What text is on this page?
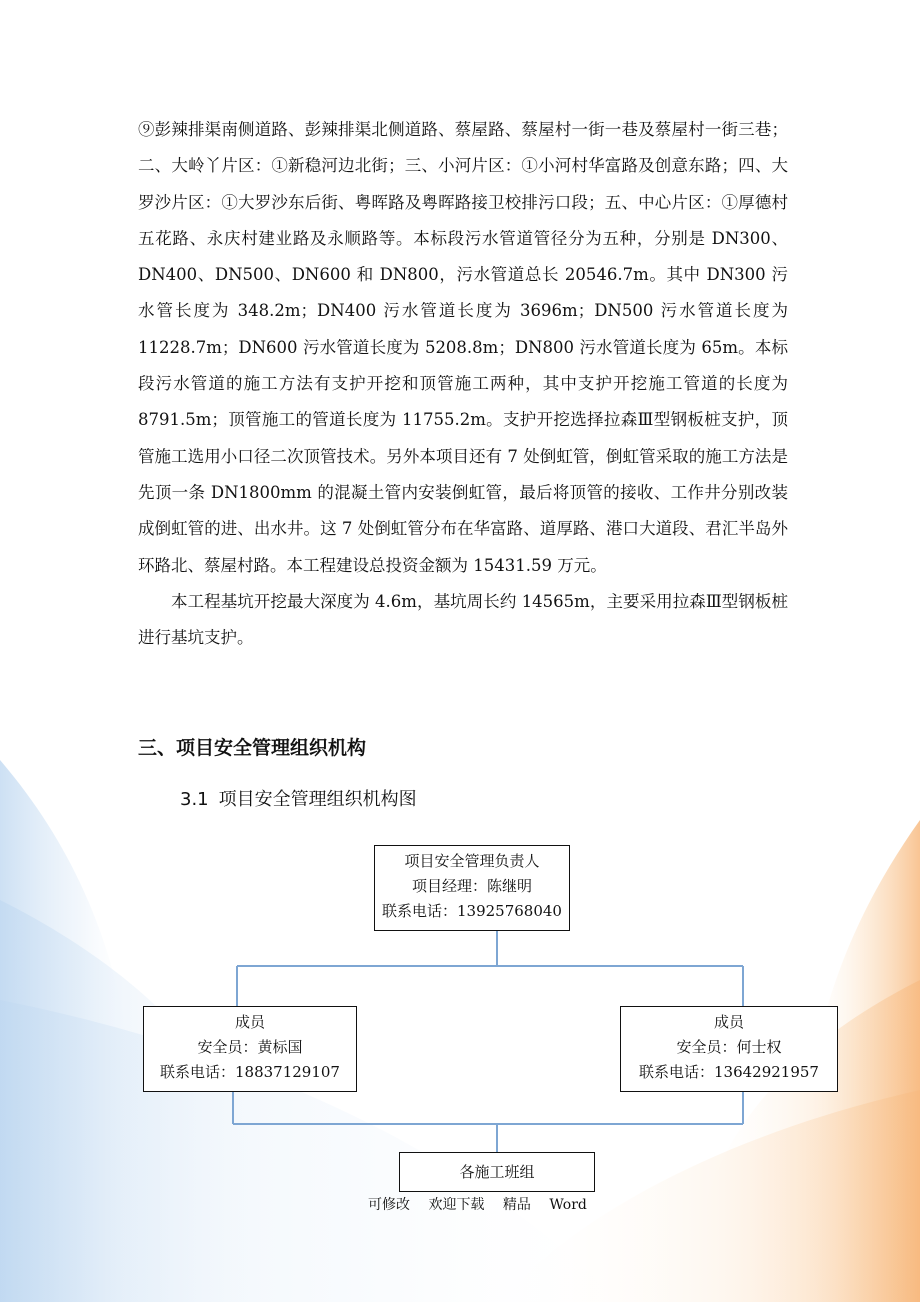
⑨彭辣排渠南侧道路、彭辣排渠北侧道路、蔡屋路、蔡屋村一街一巷及蔡屋村一街三巷；二、大岭丫片区：①新稳河边北街；三、小河片区：①小河村华富路及创意东路；四、大罗沙片区：①大罗沙东后街、粤晖路及粤晖路接卫校排污口段；五、中心片区：①厚德村五花路、永庆村建业路及永顺路等。本标段污水管道管径分为五种，分别是 DN300、DN400、DN500、DN600 和 DN800，污水管道总长 20546.7m。其中 DN300 污水管长度为 348.2m；DN400 污水管道长度为 3696m；DN500 污水管道长度为 11228.7m；DN600 污水管道长度为 5208.8m；DN800 污水管道长度为 65m。本标段污水管道的施工方法有支护开挖和顶管施工两种，其中支护开挖施工管道的长度为 8791.5m；顶管施工的管道长度为 11755.2m。支护开挖选择拉森Ⅲ型钢板桩支护，顶管施工选用小口径二次顶管技术。另外本项目还有 7 处倒虹管，倒虹管采取的施工方法是先顶一条 DN1800mm 的混凝土管内安装倒虹管，最后将顶管的接收、工作井分别改装成倒虹管的进、出水井。这 7 处倒虹管分布在华富路、道厚路、港口大道段、君汇半岛外环路北、蔡屋村路。本工程建设总投资金额为 15431.59 万元。

本工程基坑开挖最大深度为 4.6m，基坑周长约 14565m，主要采用拉森Ⅲ型钢板桩进行基坑支护。

三、项目安全管理组织机构
3.1 项目安全管理组织机构图
项目安全管理负责人
项目经理：陈继明
联系电话：13925768040
成员
安全员：黄标国
联系电话：18837129107
成员
安全员：何士权
联系电话：13642921957
各施工班组
可修改 欢迎下载 精品 Word
